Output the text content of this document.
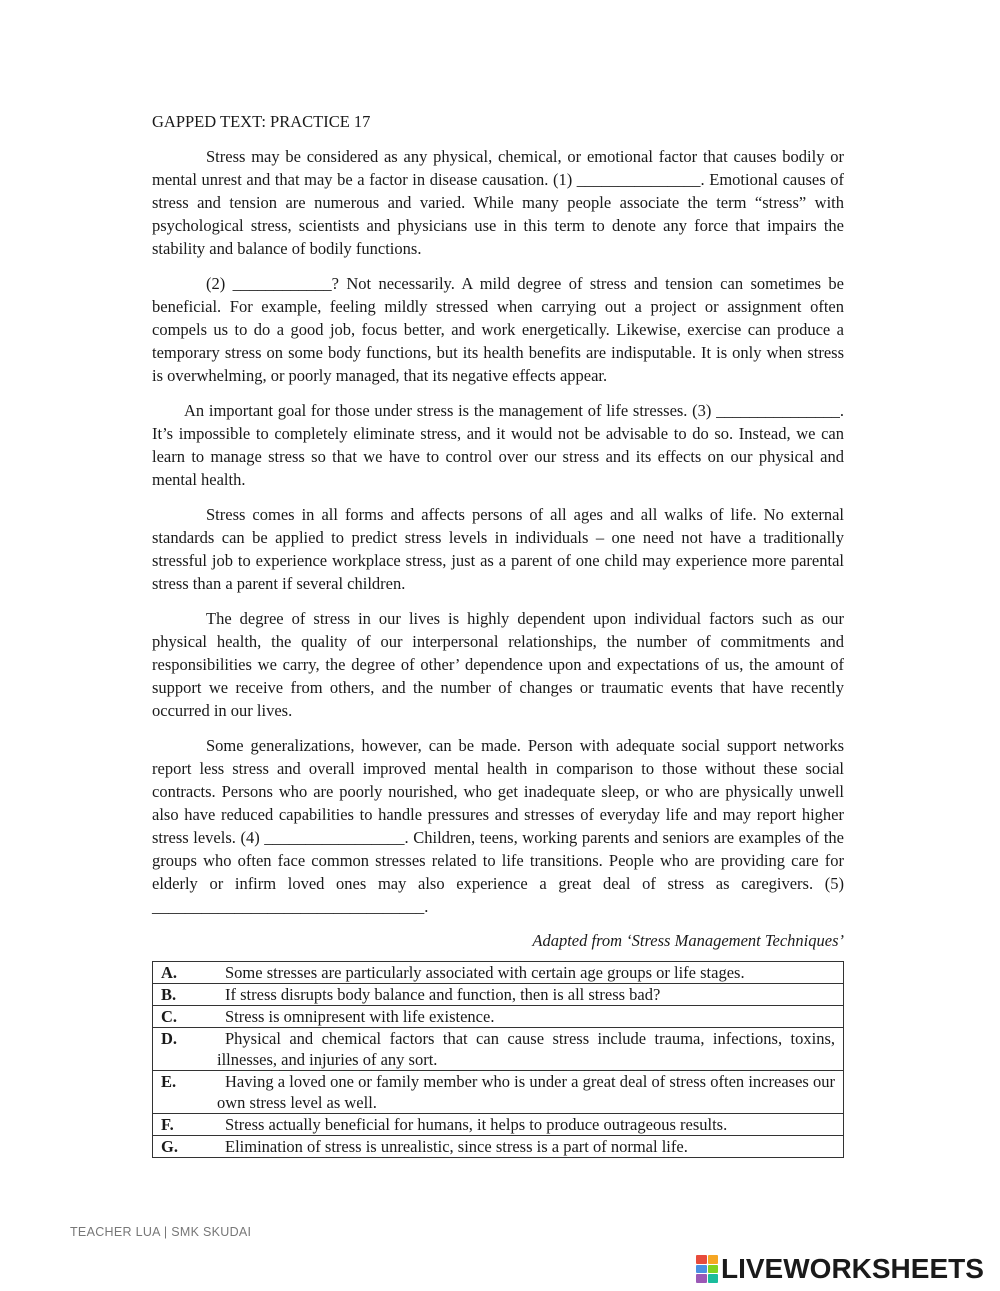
GAPPED TEXT: PRACTICE 17

Stress may be considered as any physical, chemical, or emotional factor that causes bodily or mental unrest and that may be a factor in disease causation. (1) _______________. Emotional causes of stress and tension are numerous and varied. While many people associate the term “stress” with psychological stress, scientists and physicians use in this term to denote any force that impairs the stability and balance of bodily functions.

(2) ____________? Not necessarily. A mild degree of stress and tension can sometimes be beneficial. For example, feeling mildly stressed when carrying out a project or assignment often compels us to do a good job, focus better, and work energetically. Likewise, exercise can produce a temporary stress on some body functions, but its health benefits are indisputable. It is only when stress is overwhelming, or poorly managed, that its negative effects appear.

An important goal for those under stress is the management of life stresses. (3) _______________. It’s impossible to completely eliminate stress, and it would not be advisable to do so. Instead, we can learn to manage stress so that we have to control over our stress and its effects on our physical and mental health.

Stress comes in all forms and affects persons of all ages and all walks of life. No external standards can be applied to predict stress levels in individuals – one need not have a traditionally stressful job to experience workplace stress, just as a parent of one child may experience more parental stress than a parent if several children.

The degree of stress in our lives is highly dependent upon individual factors such as our physical health, the quality of our interpersonal relationships, the number of commitments and responsibilities we carry, the degree of other’ dependence upon and expectations of us, the amount of support we receive from others, and the number of changes or traumatic events that have recently occurred in our lives.

Some generalizations, however, can be made. Person with adequate social support networks report less stress and overall improved mental health in comparison to those without these social contracts. Persons who are poorly nourished, who get inadequate sleep, or who are physically unwell also have reduced capabilities to handle pressures and stresses of everyday life and may report higher stress levels. (4) _________________. Children, teens, working parents and seniors are examples of the groups who often face common stresses related to life transitions. People who are providing care for elderly or infirm loved ones may also experience a great deal of stress as caregivers. (5) _________________________________.

Adapted from ‘Stress Management Techniques’
A.	Some stresses are particularly associated with certain age groups or life stages.

B.	If stress disrupts body balance and function, then is all stress bad?

C.	Stress is omnipresent with life existence.

D.	Physical and chemical factors that can cause stress include trauma, infections, toxins, illnesses, and injuries of any sort.

E.	Having a loved one or family member who is under a great deal of stress often increases our own stress level as well.

F.	Stress actually beneficial for humans, it helps to produce outrageous results.

G.	Elimination of stress is unrealistic, since stress is a part of normal life.
TEACHER LUA | SMK SKUDAI
LIVEWORKSHEETS
